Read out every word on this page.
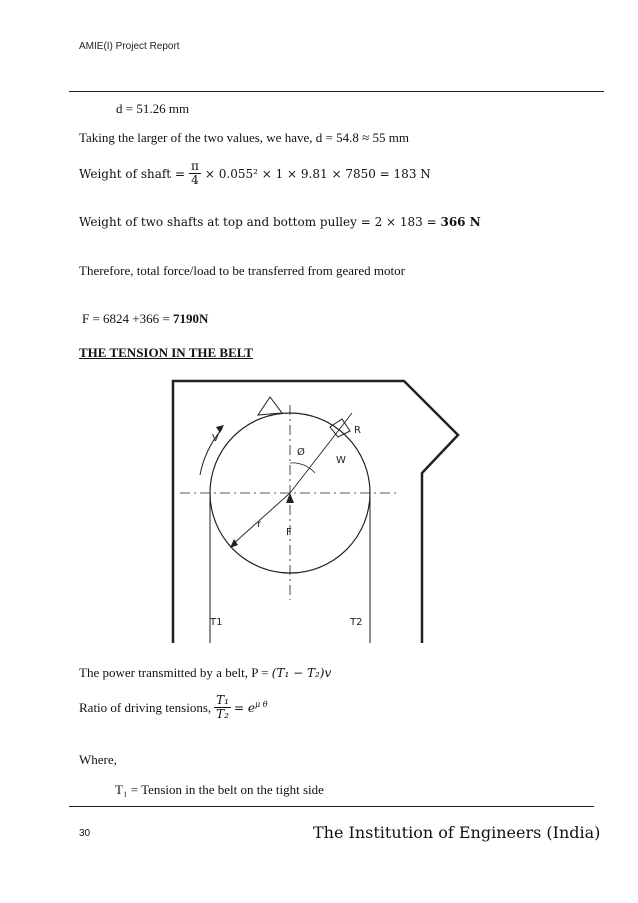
AMIE(I) Project Report
d = 51.26 mm
Taking the larger of the two values, we have, d = 54.8 ≈ 55 mm
Weight of shaft = $\frac{\pi}{4} \times 0.055^2 \times 1 \times 9.81 \times 7850 = 183$ N
Weight of two shafts at top and bottom pulley = 2 × 183 = 366 N
Therefore, total force/load to be transferred from geared motor
F = 6824 +366 = 7190N
THE TENSION IN THE BELT
V
Ø
r
F
W
R
T1	T2
The power transmitted by a belt, P = (T₁ − T₂)v
Ratio of driving tensions, $\frac{\text{T₁}}{\text{T₂}} = e^{\mu \theta}$
Where,
T₁ = Tension in the belt on the tight side
30	The Institution of Engineers (India)
